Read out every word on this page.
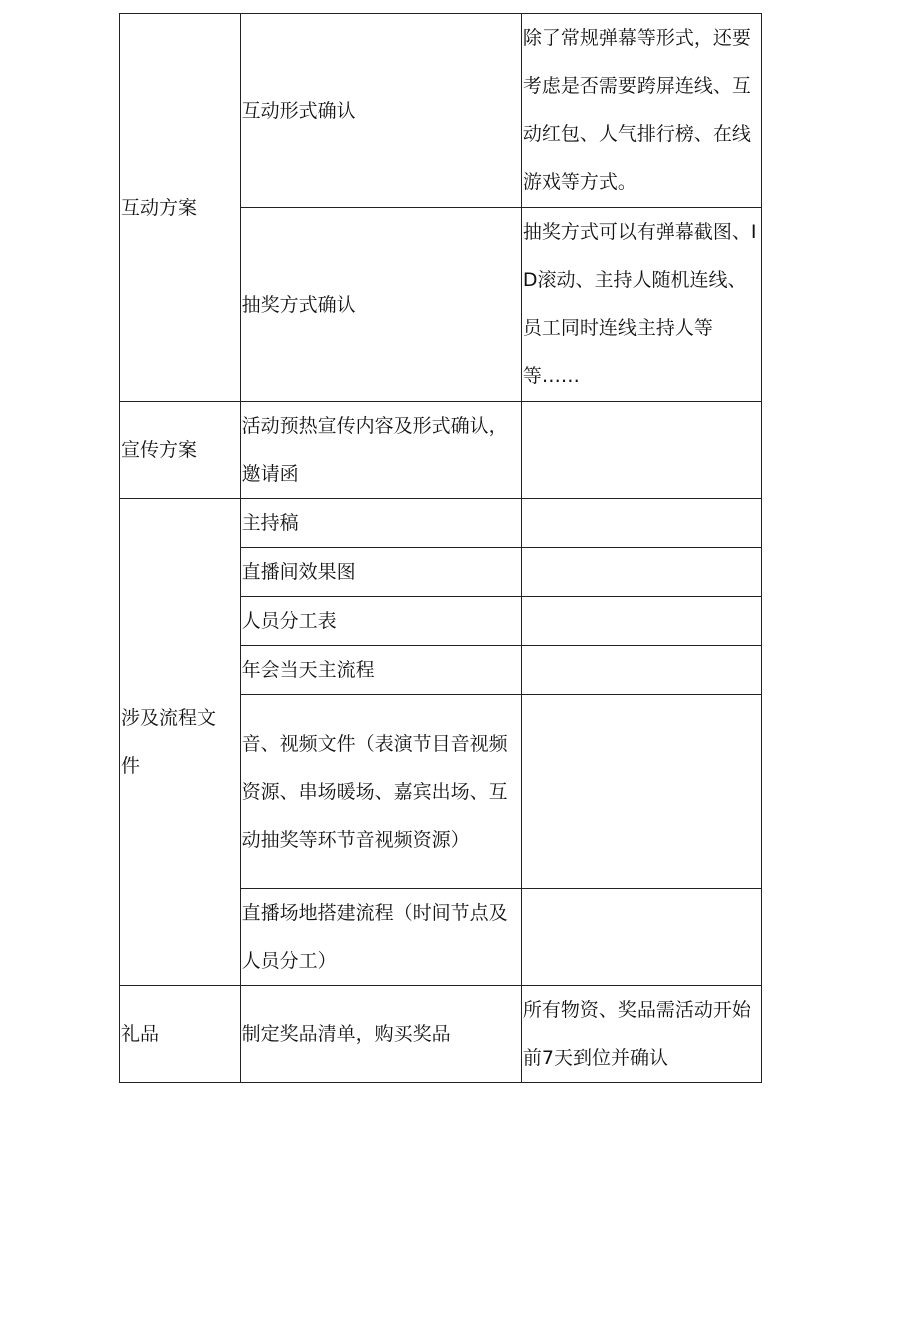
互动方案	互动形式确认	除了常规弹幕等形式，还要考虑是否需要跨屏连线、互动红包、人气排行榜、在线游戏等方式。

	抽奖方式确认	抽奖方式可以有弹幕截图、ID滚动、主持人随机连线、员工同时连线主持人等等……

宣传方案	活动预热宣传内容及形式确认，邀请函	

涉及流程文件	主持稿	
	直播间效果图	
	人员分工表	
	年会当天主流程	
	音、视频文件（表演节目音视频资源、串场暖场、嘉宾出场、互动抽奖等环节音视频资源）	
	直播场地搭建流程（时间节点及人员分工）	
礼品	制定奖品清单，购买奖品	所有物资、奖品需活动开始前7天到位并确认
